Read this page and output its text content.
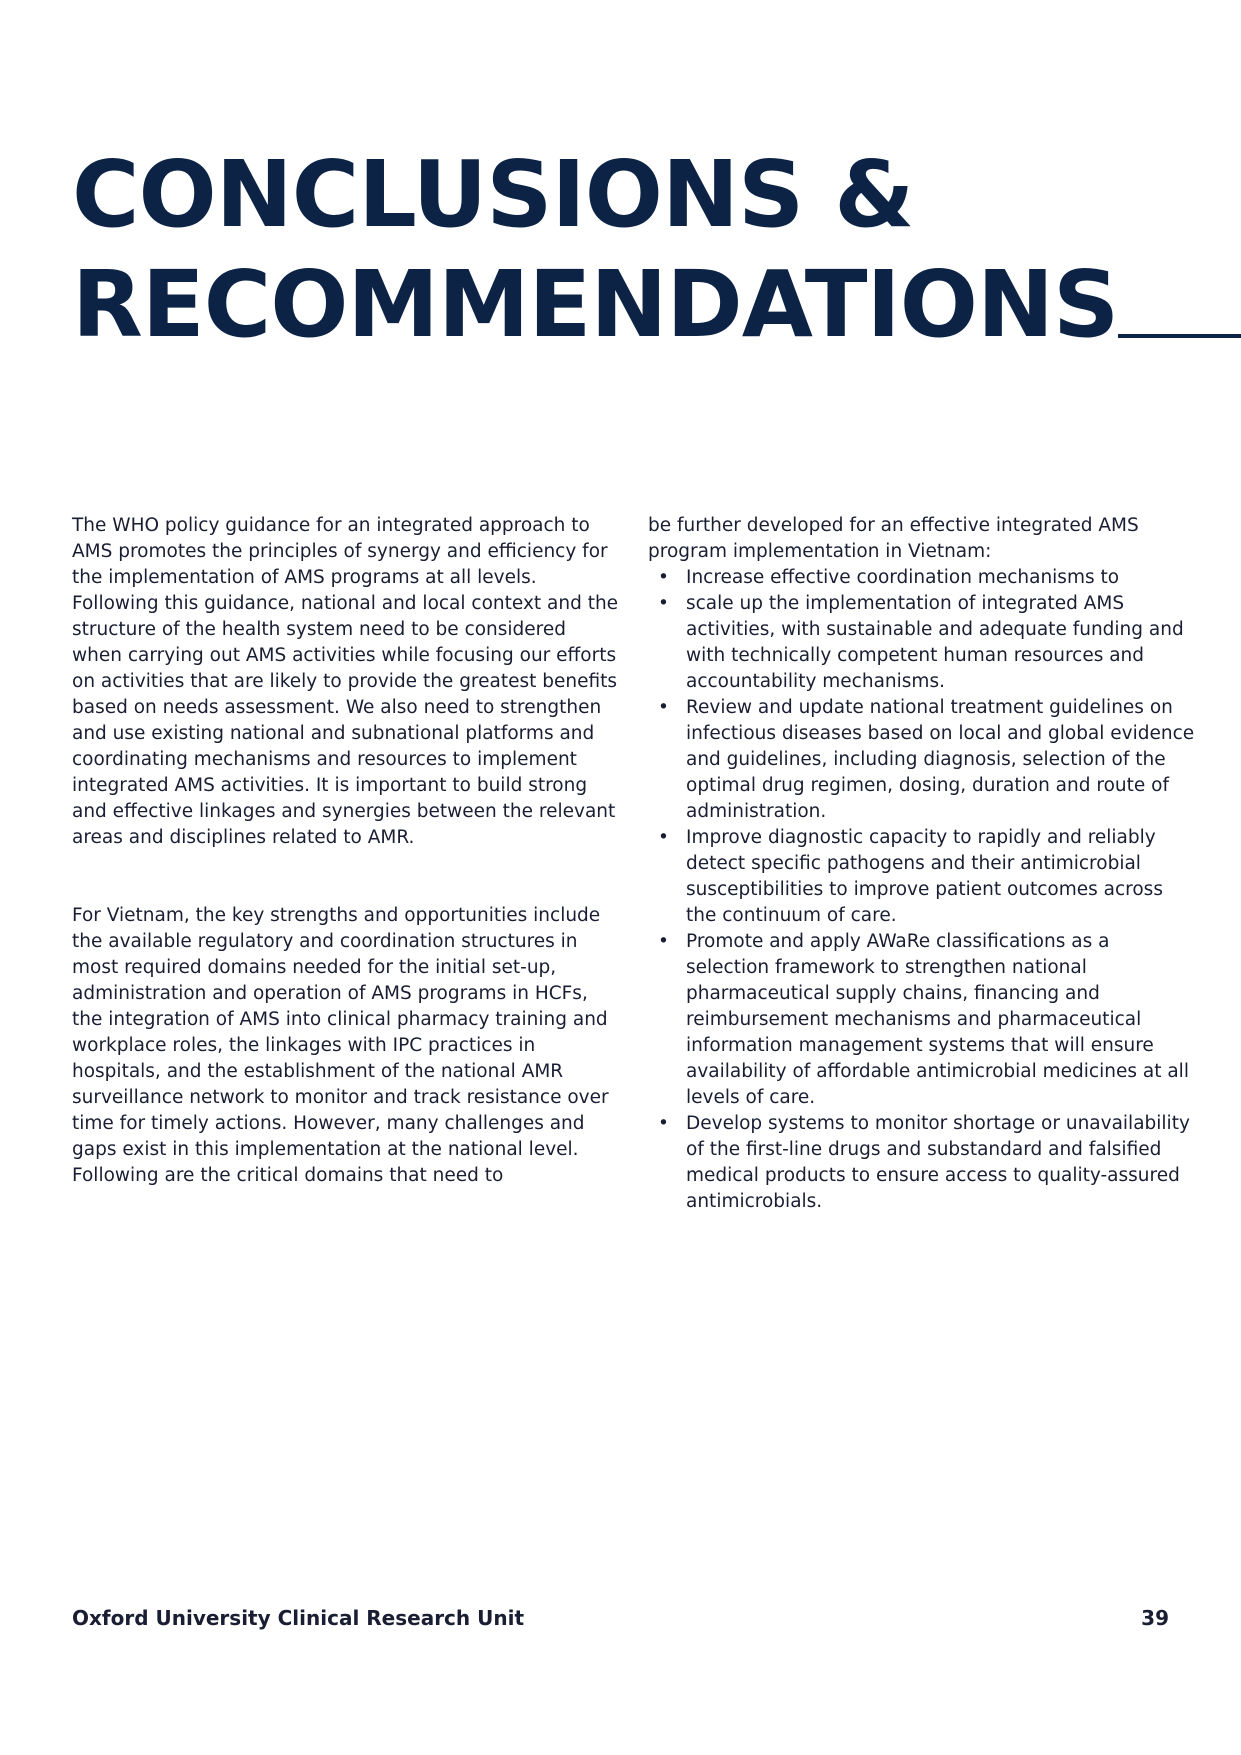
CONCLUSIONS &
RECOMMENDATIONS

The WHO policy guidance for an integrated approach to AMS promotes the principles of synergy and efficiency for the implementation of AMS programs at all levels. Following this guidance, national and local context and the structure of the health system need to be considered when carrying out AMS activities while focusing our efforts on activities that are likely to provide the greatest benefits based on needs assessment. We also need to strengthen and use existing national and subnational platforms and coordinating mechanisms and resources to implement integrated AMS activities. It is important to build strong and effective linkages and synergies between the relevant areas and disciplines related to AMR.

For Vietnam, the key strengths and opportunities include the available regulatory and coordination structures in most required domains needed for the initial set-up, administration and operation of AMS programs in HCFs, the integration of AMS into clinical pharmacy training and workplace roles, the linkages with IPC practices in hospitals, and the establishment of the national AMR surveillance network to monitor and track resistance over time for timely actions. However, many challenges and gaps exist in this implementation at the national level. Following are the critical domains that need to

be further developed for an effective integrated AMS program implementation in Vietnam:

• Increase effective coordination mechanisms to
• scale up the implementation of integrated AMS activities, with sustainable and adequate funding and with technically competent human resources and accountability mechanisms.
• Review and update national treatment guidelines on infectious diseases based on local and global evidence and guidelines, including diagnosis, selection of the optimal drug regimen, dosing, duration and route of administration.
• Improve diagnostic capacity to rapidly and reliably detect specific pathogens and their antimicrobial susceptibilities to improve patient outcomes across the continuum of care.
• Promote and apply AWaRe classifications as a selection framework to strengthen national pharmaceutical supply chains, financing and reimbursement mechanisms and pharmaceutical information management systems that will ensure availability of affordable antimicrobial medicines at all levels of care.
• Develop systems to monitor shortage or unavailability of the first-line drugs and substandard and falsified medical products to ensure access to quality-assured antimicrobials.
Oxford University Clinical Research Unit	39
